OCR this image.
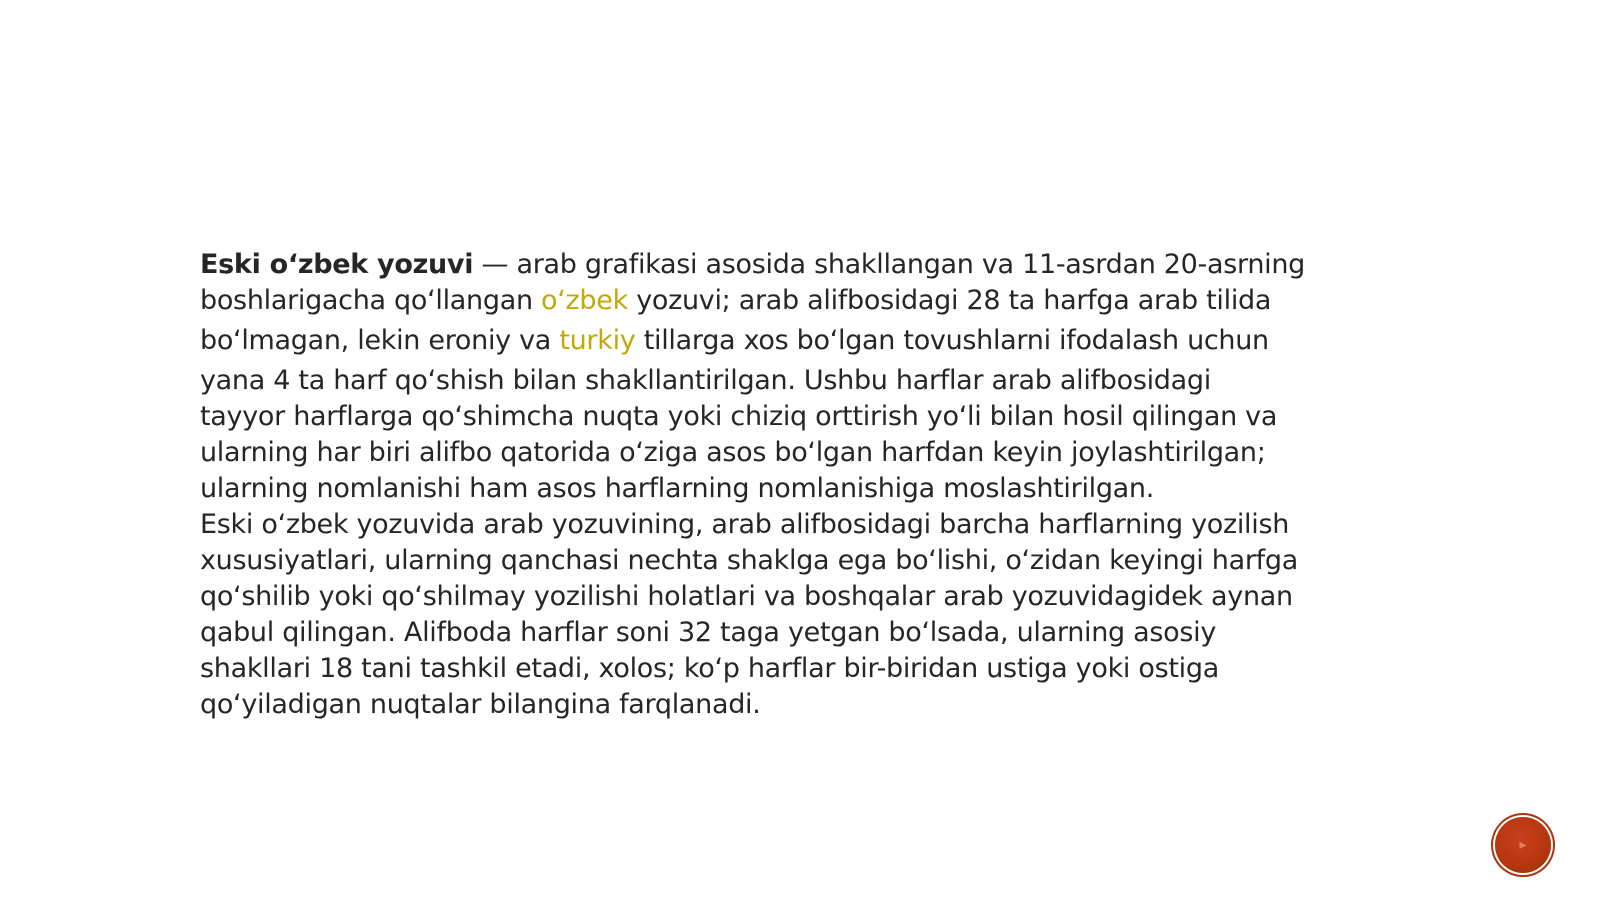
Eski o‘zbek yozuvi — arab grafikasi asosida shakllangan va 11-asrdan 20-asrning
boshlarigacha qo‘llangan o‘zbek yozuvi; arab alifbosidagi 28 ta harfga arab tilida
bo‘lmagan, lekin eroniy va turkiy tillarga xos bo‘lgan tovushlarni ifodalash uchun
yana 4 ta harf qo‘shish bilan shakllantirilgan. Ushbu harflar arab alifbosidagi
tayyor harflarga qo‘shimcha nuqta yoki chiziq orttirish yo‘li bilan hosil qilingan va
ularning har biri alifbo qatorida o‘ziga asos bo‘lgan harfdan keyin joylashtirilgan;
ularning nomlanishi ham asos harflarning nomlanishiga moslashtirilgan.

Eski o‘zbek yozuvida arab yozuvining, arab alifbosidagi barcha harflarning yozilish
xususiyatlari, ularning qanchasi nechta shaklga ega bo‘lishi, o‘zidan keyingi harfga
qo‘shilib yoki qo‘shilmay yozilishi holatlari va boshqalar arab yozuvidagidek aynan
qabul qilingan. Alifboda harflar soni 32 taga yetgan bo‘lsada, ularning asosiy
shakllari 18 tani tashkil etadi, xolos; ko‘p harflar bir-biridan ustiga yoki ostiga
qo‘yiladigan nuqtalar bilangina farqlanadi.

▸
